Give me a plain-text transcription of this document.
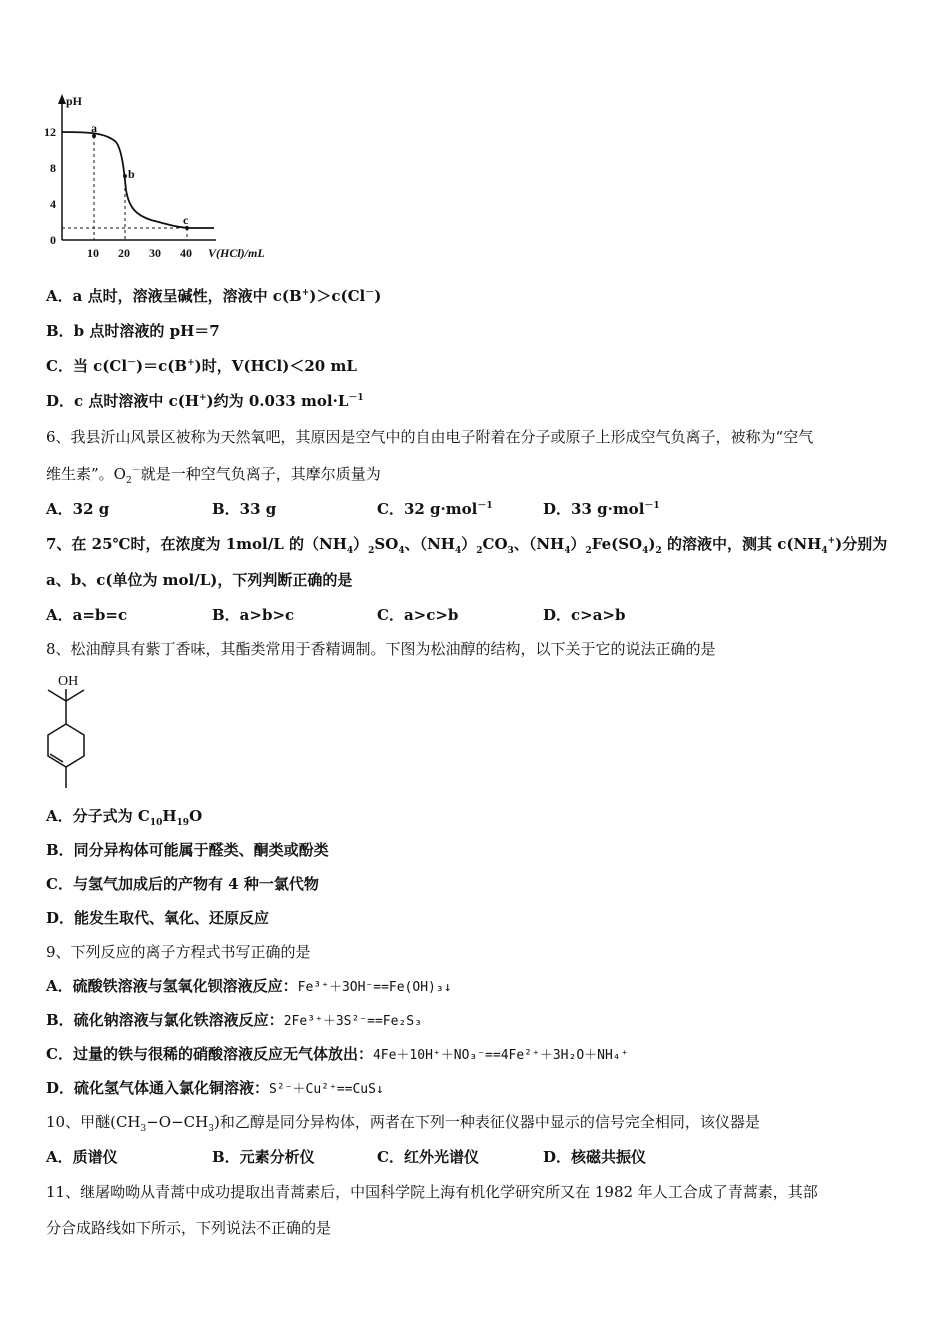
pH
12
8
4
0
10 20 30 40 V(HCl)/mL
a
b
c
A．a 点时，溶液呈碱性，溶液中 c(B+)＞c(Cl－)
B．b 点时溶液的 pH＝7
C．当 c(Cl－)＝c(B+)时，V(HCl)＜20 mL
D．c 点时溶液中 c(H+)约为 0.033 $mol\cdot L^{-1}$
6、我县沂山风景区被称为天然氧吧，其原因是空气中的自由电子附着在分子或原子上形成空气负离子，被称为“空气
维生素”。$O_2^-$就是一种空气负离子，其摩尔质量为
A．32 g	B．33 g	C．32 g·mol$^{-1}$	D．33 g·mol$^{-1}$
7、在 25℃时，在浓度为 1mol/L 的$(NH_4)_2SO_4$、$(NH_4)_2CO_3$、$(NH_4)_2Fe(SO_4)_2$ 的溶液中，测其 $c(NH_4^+)$分别为
a、b、c(单位为 mol/L)，下列判断正确的是
A．a=b=c	B．a>b>c	C．a>c>b	D．c>a>b
8、松油醇具有紫丁香味，其酯类常用于香精调制。下图为松油醇的结构，以下关于它的说法正确的是
OH
A．分子式为 $C_{10}H_{19}O$
B．同分异构体可能属于醛类、酮类或酚类
C．与氢气加成后的产物有 4 种一氯代物
D．能发生取代、氧化、还原反应
9、下列反应的离子方程式书写正确的是
A．硫酸铁溶液与氢氧化钡溶液反应：Fe³⁺＋3OH⁻==Fe(OH)₃↓
B．硫化钠溶液与氯化铁溶液反应：2Fe³⁺＋3S²⁻==Fe₂S₃
C．过量的铁与很稀的硝酸溶液反应无气体放出：4Fe＋10H⁺＋NO₃⁻==4Fe²⁺＋3H₂O＋NH₄⁺
D．硫化氢气体通入氯化铜溶液：S²⁻＋Cu²⁺==CuS↓
10、甲醚$(CH_3-O-CH_3)$和乙醇是同分异构体，两者在下列一种表征仪器中显示的信号完全相同，该仪器是
A．质谱仪	B．元素分析仪	C．红外光谱仪	D．核磁共振仪
11、继屠呦呦从青蒿中成功提取出青蒿素后，中国科学院上海有机化学研究所又在 1982 年人工合成了青蒿素，其部
分合成路线如下所示，下列说法不正确的是
